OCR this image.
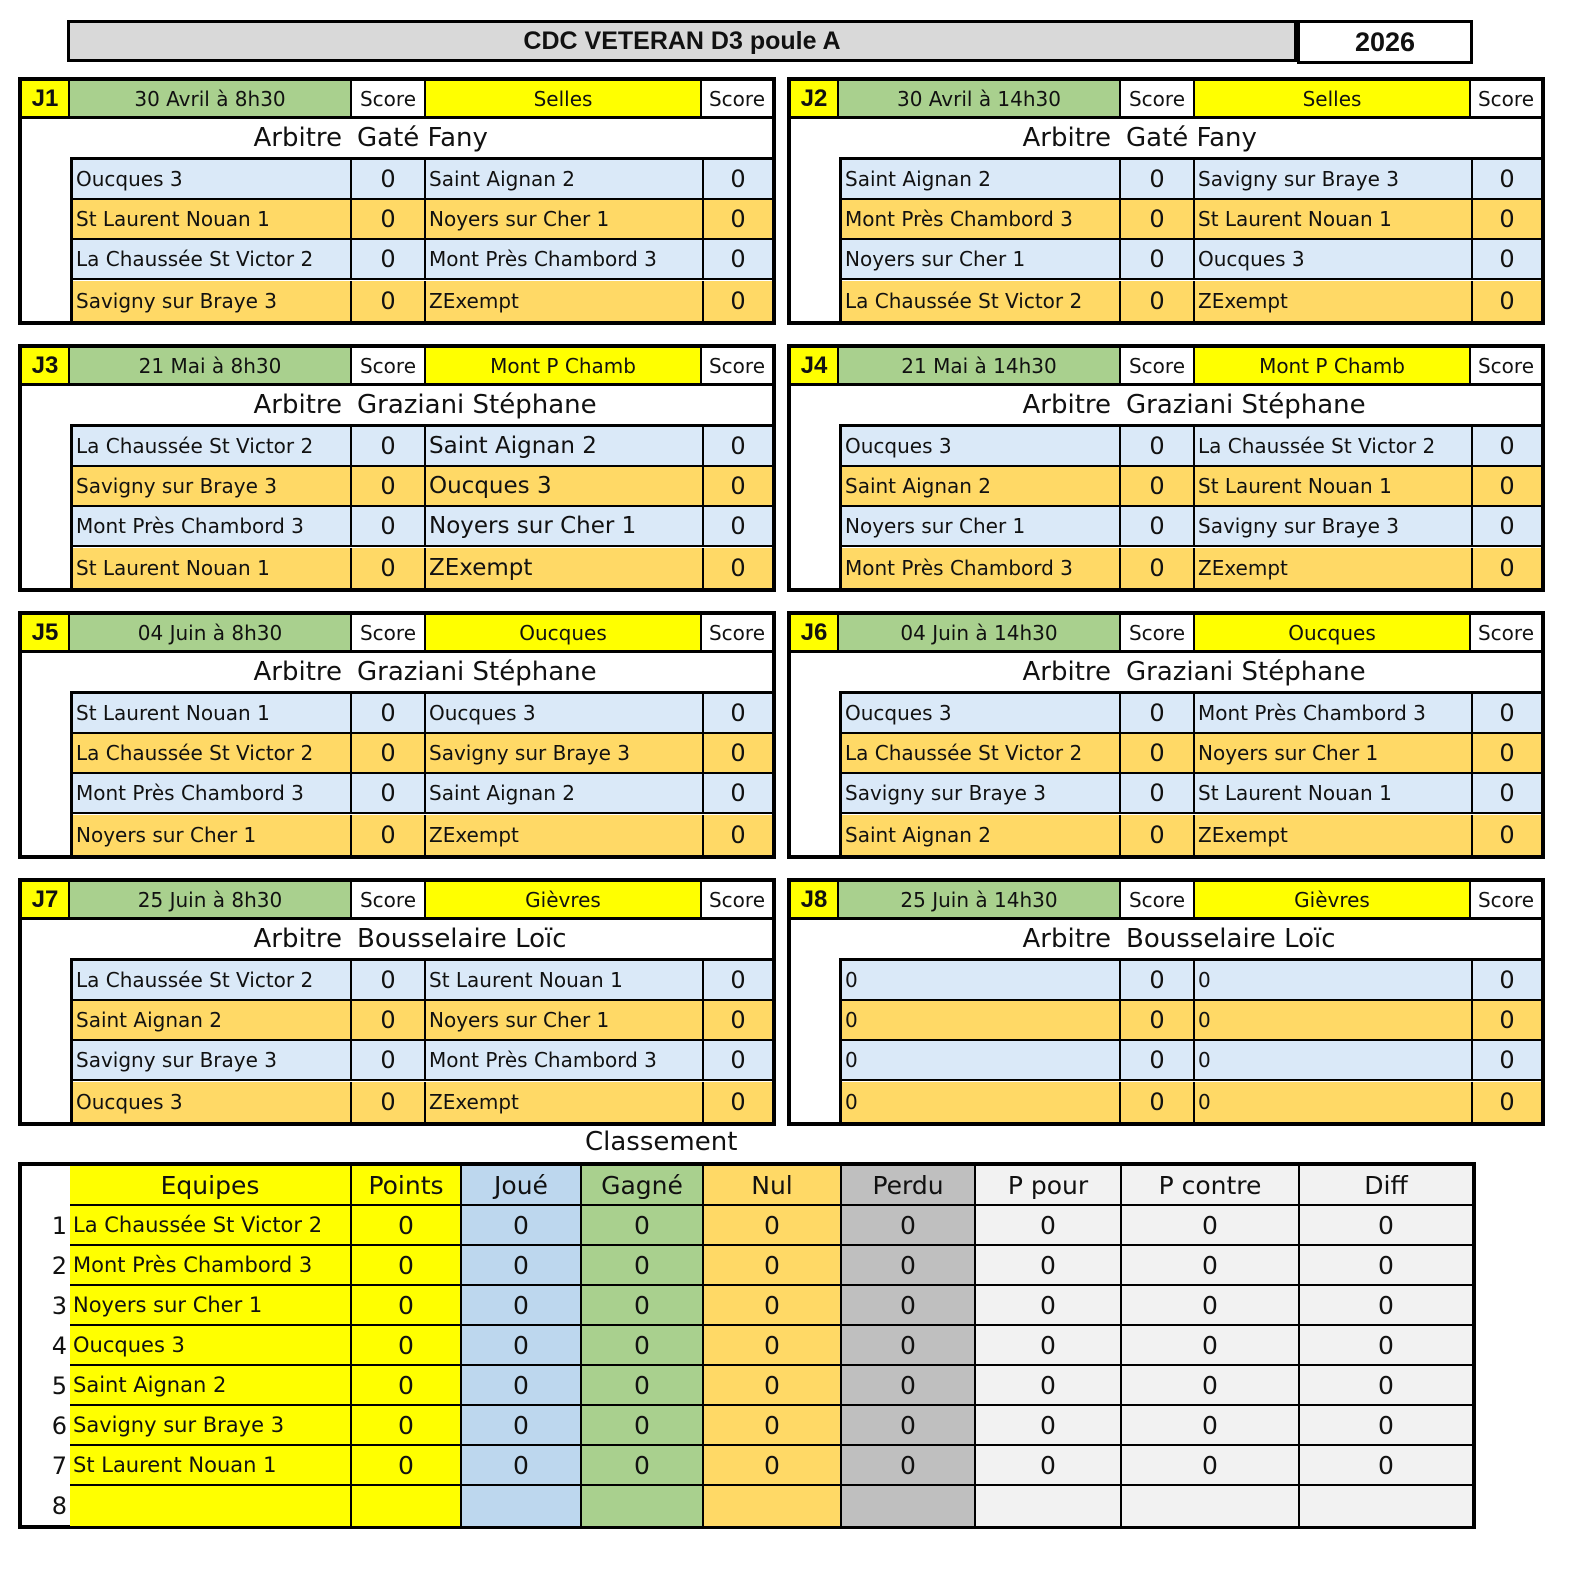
CDC VETERAN D3 poule A	2026
J1	30 Avril à 8h30	Score	Selles	Score
Arbitre Gaté Fany
Oucques 3	0	Saint Aignan 2	0
St Laurent Nouan 1	0	Noyers sur Cher 1	0
La Chaussée St Victor 2	0	Mont Près Chambord 3	0
Savigny sur Braye 3	0	ZExempt	0
J2	30 Avril à 14h30	Score	Selles	Score
Arbitre Gaté Fany
Saint Aignan 2	0	Savigny sur Braye 3	0
Mont Près Chambord 3	0	St Laurent Nouan 1	0
Noyers sur Cher 1	0	Oucques 3	0
La Chaussée St Victor 2	0	ZExempt	0
J3	21 Mai à 8h30	Score	Mont P Chamb	Score
Arbitre Graziani Stéphane
La Chaussée St Victor 2	0	Saint Aignan 2	0
Savigny sur Braye 3	0	Oucques 3	0
Mont Près Chambord 3	0	Noyers sur Cher 1	0
St Laurent Nouan 1	0	ZExempt	0
J4	21 Mai à 14h30	Score	Mont P Chamb	Score
Arbitre Graziani Stéphane
Oucques 3	0	La Chaussée St Victor 2	0
Saint Aignan 2	0	St Laurent Nouan 1	0
Noyers sur Cher 1	0	Savigny sur Braye 3	0
Mont Près Chambord 3	0	ZExempt	0
J5	04 Juin à 8h30	Score	Oucques	Score
Arbitre Graziani Stéphane
St Laurent Nouan 1	0	Oucques 3	0
La Chaussée St Victor 2	0	Savigny sur Braye 3	0
Mont Près Chambord 3	0	Saint Aignan 2	0
Noyers sur Cher 1	0	ZExempt	0
J6	04 Juin à 14h30	Score	Oucques	Score
Arbitre Graziani Stéphane
Oucques 3	0	Mont Près Chambord 3	0
La Chaussée St Victor 2	0	Noyers sur Cher 1	0
Savigny sur Braye 3	0	St Laurent Nouan 1	0
Saint Aignan 2	0	ZExempt	0
J7	25 Juin à 8h30	Score	Gièvres	Score
Arbitre Bousselaire Loïc
La Chaussée St Victor 2	0	St Laurent Nouan 1	0
Saint Aignan 2	0	Noyers sur Cher 1	0
Savigny sur Braye 3	0	Mont Près Chambord 3	0
Oucques 3	0	ZExempt	0
J8	25 Juin à 14h30	Score	Gièvres	Score
Arbitre Bousselaire Loïc
0	0	0	0
0	0	0	0
0	0	0	0
0	0	0	0
Classement
Equipes	Points	Joué	Gagné	Nul	Perdu	P pour	P contre	Diff
1 La Chaussée St Victor 2	0	0	0	0	0	0	0	0
2 Mont Près Chambord 3	0	0	0	0	0	0	0	0
3 Noyers sur Cher 1	0	0	0	0	0	0	0	0
4 Oucques 3	0	0	0	0	0	0	0	0
5 Saint Aignan 2	0	0	0	0	0	0	0	0
6 Savigny sur Braye 3	0	0	0	0	0	0	0	0
7 St Laurent Nouan 1	0	0	0	0	0	0	0	0
8
